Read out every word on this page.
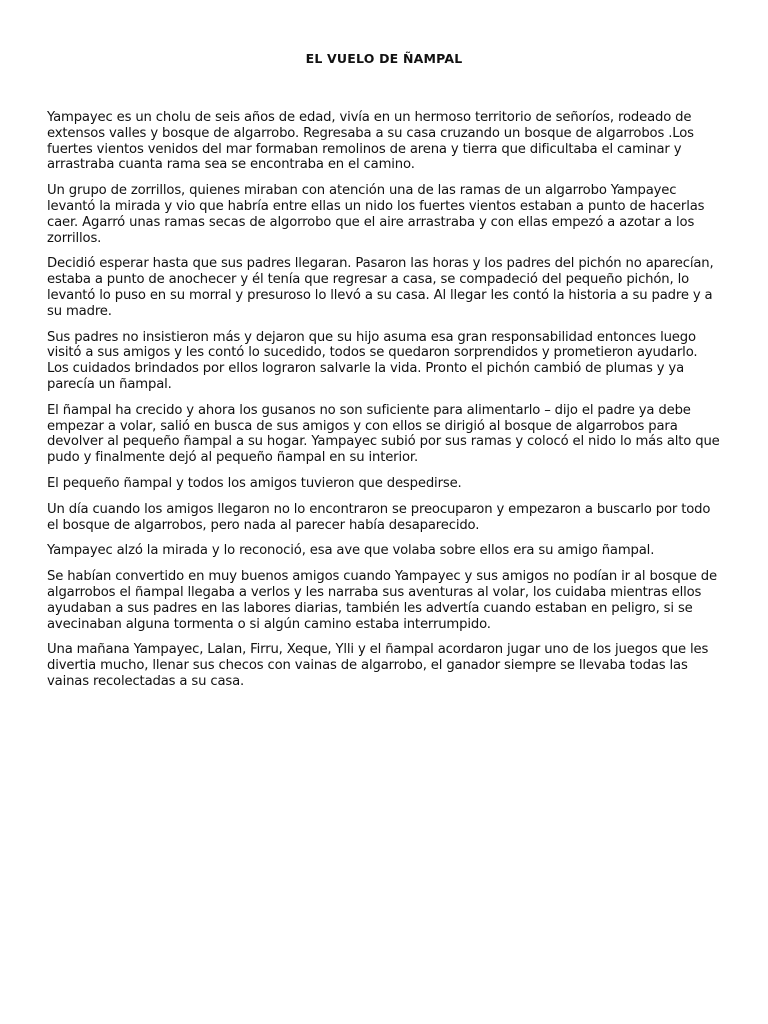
EL VUELO DE ÑAMPAL

Yampayec es un cholu de seis años de edad, vivía en un hermoso territorio de señoríos, rodeado de extensos valles y bosque de algarrobo. Regresaba a su casa cruzando un bosque de algarrobos .Los fuertes vientos venidos del mar formaban remolinos de arena y tierra que dificultaba el caminar y arrastraba cuanta rama sea se encontraba en el camino.

Un grupo de zorrillos, quienes miraban con atención una de las ramas de un algarrobo Yampayec levantó la mirada y vio que habría entre ellas un nido los fuertes vientos estaban a punto de hacerlas caer. Agarró unas ramas secas de algorrobo que el aire arrastraba y con ellas empezó a azotar a los zorrillos.

Decidió esperar hasta que sus padres llegaran. Pasaron las horas y los padres del pichón no aparecían, estaba a punto de anochecer y él tenía que regresar a casa, se compadeció del pequeño pichón, lo levantó lo puso en su morral y presuroso lo llevó a su casa. Al llegar les contó la historia a su padre y a su madre.

Sus padres no insistieron más y dejaron que su hijo asuma esa gran responsabilidad entonces luego visitó a sus amigos y les contó lo sucedido, todos se quedaron sorprendidos y prometieron ayudarlo. Los cuidados brindados por ellos lograron salvarle la vida. Pronto el pichón cambió de plumas y ya parecía un ñampal.

El ñampal ha crecido y ahora los gusanos no son suficiente para alimentarlo – dijo el padre ya debe empezar a volar, salió en busca de sus amigos y con ellos se dirigió al bosque de algarrobos para devolver al pequeño ñampal a su hogar. Yampayec subió por sus ramas y colocó el nido lo más alto que pudo y finalmente dejó al pequeño ñampal en su interior.

El pequeño ñampal y todos los amigos tuvieron que despedirse.

Un día cuando los amigos llegaron no lo encontraron se preocuparon y empezaron a buscarlo por todo el bosque de algarrobos, pero nada al parecer había desaparecido.

Yampayec alzó la mirada y lo reconoció, esa ave que volaba sobre ellos era su amigo ñampal.

Se habían convertido en muy buenos amigos cuando Yampayec y sus amigos no podían ir al bosque de algarrobos el ñampal llegaba a verlos y les narraba sus aventuras al volar, los cuidaba mientras ellos ayudaban a sus padres en las labores diarias, también les advertía cuando estaban en peligro, si se avecinaban alguna tormenta o si algún camino estaba interrumpido.

Una mañana Yampayec, Lalan, Firru, Xeque, Ylli y el ñampal acordaron jugar uno de los juegos que les divertia mucho, llenar sus checos con vainas de algarrobo, el ganador siempre se llevaba todas las vainas recolectadas a su casa.
